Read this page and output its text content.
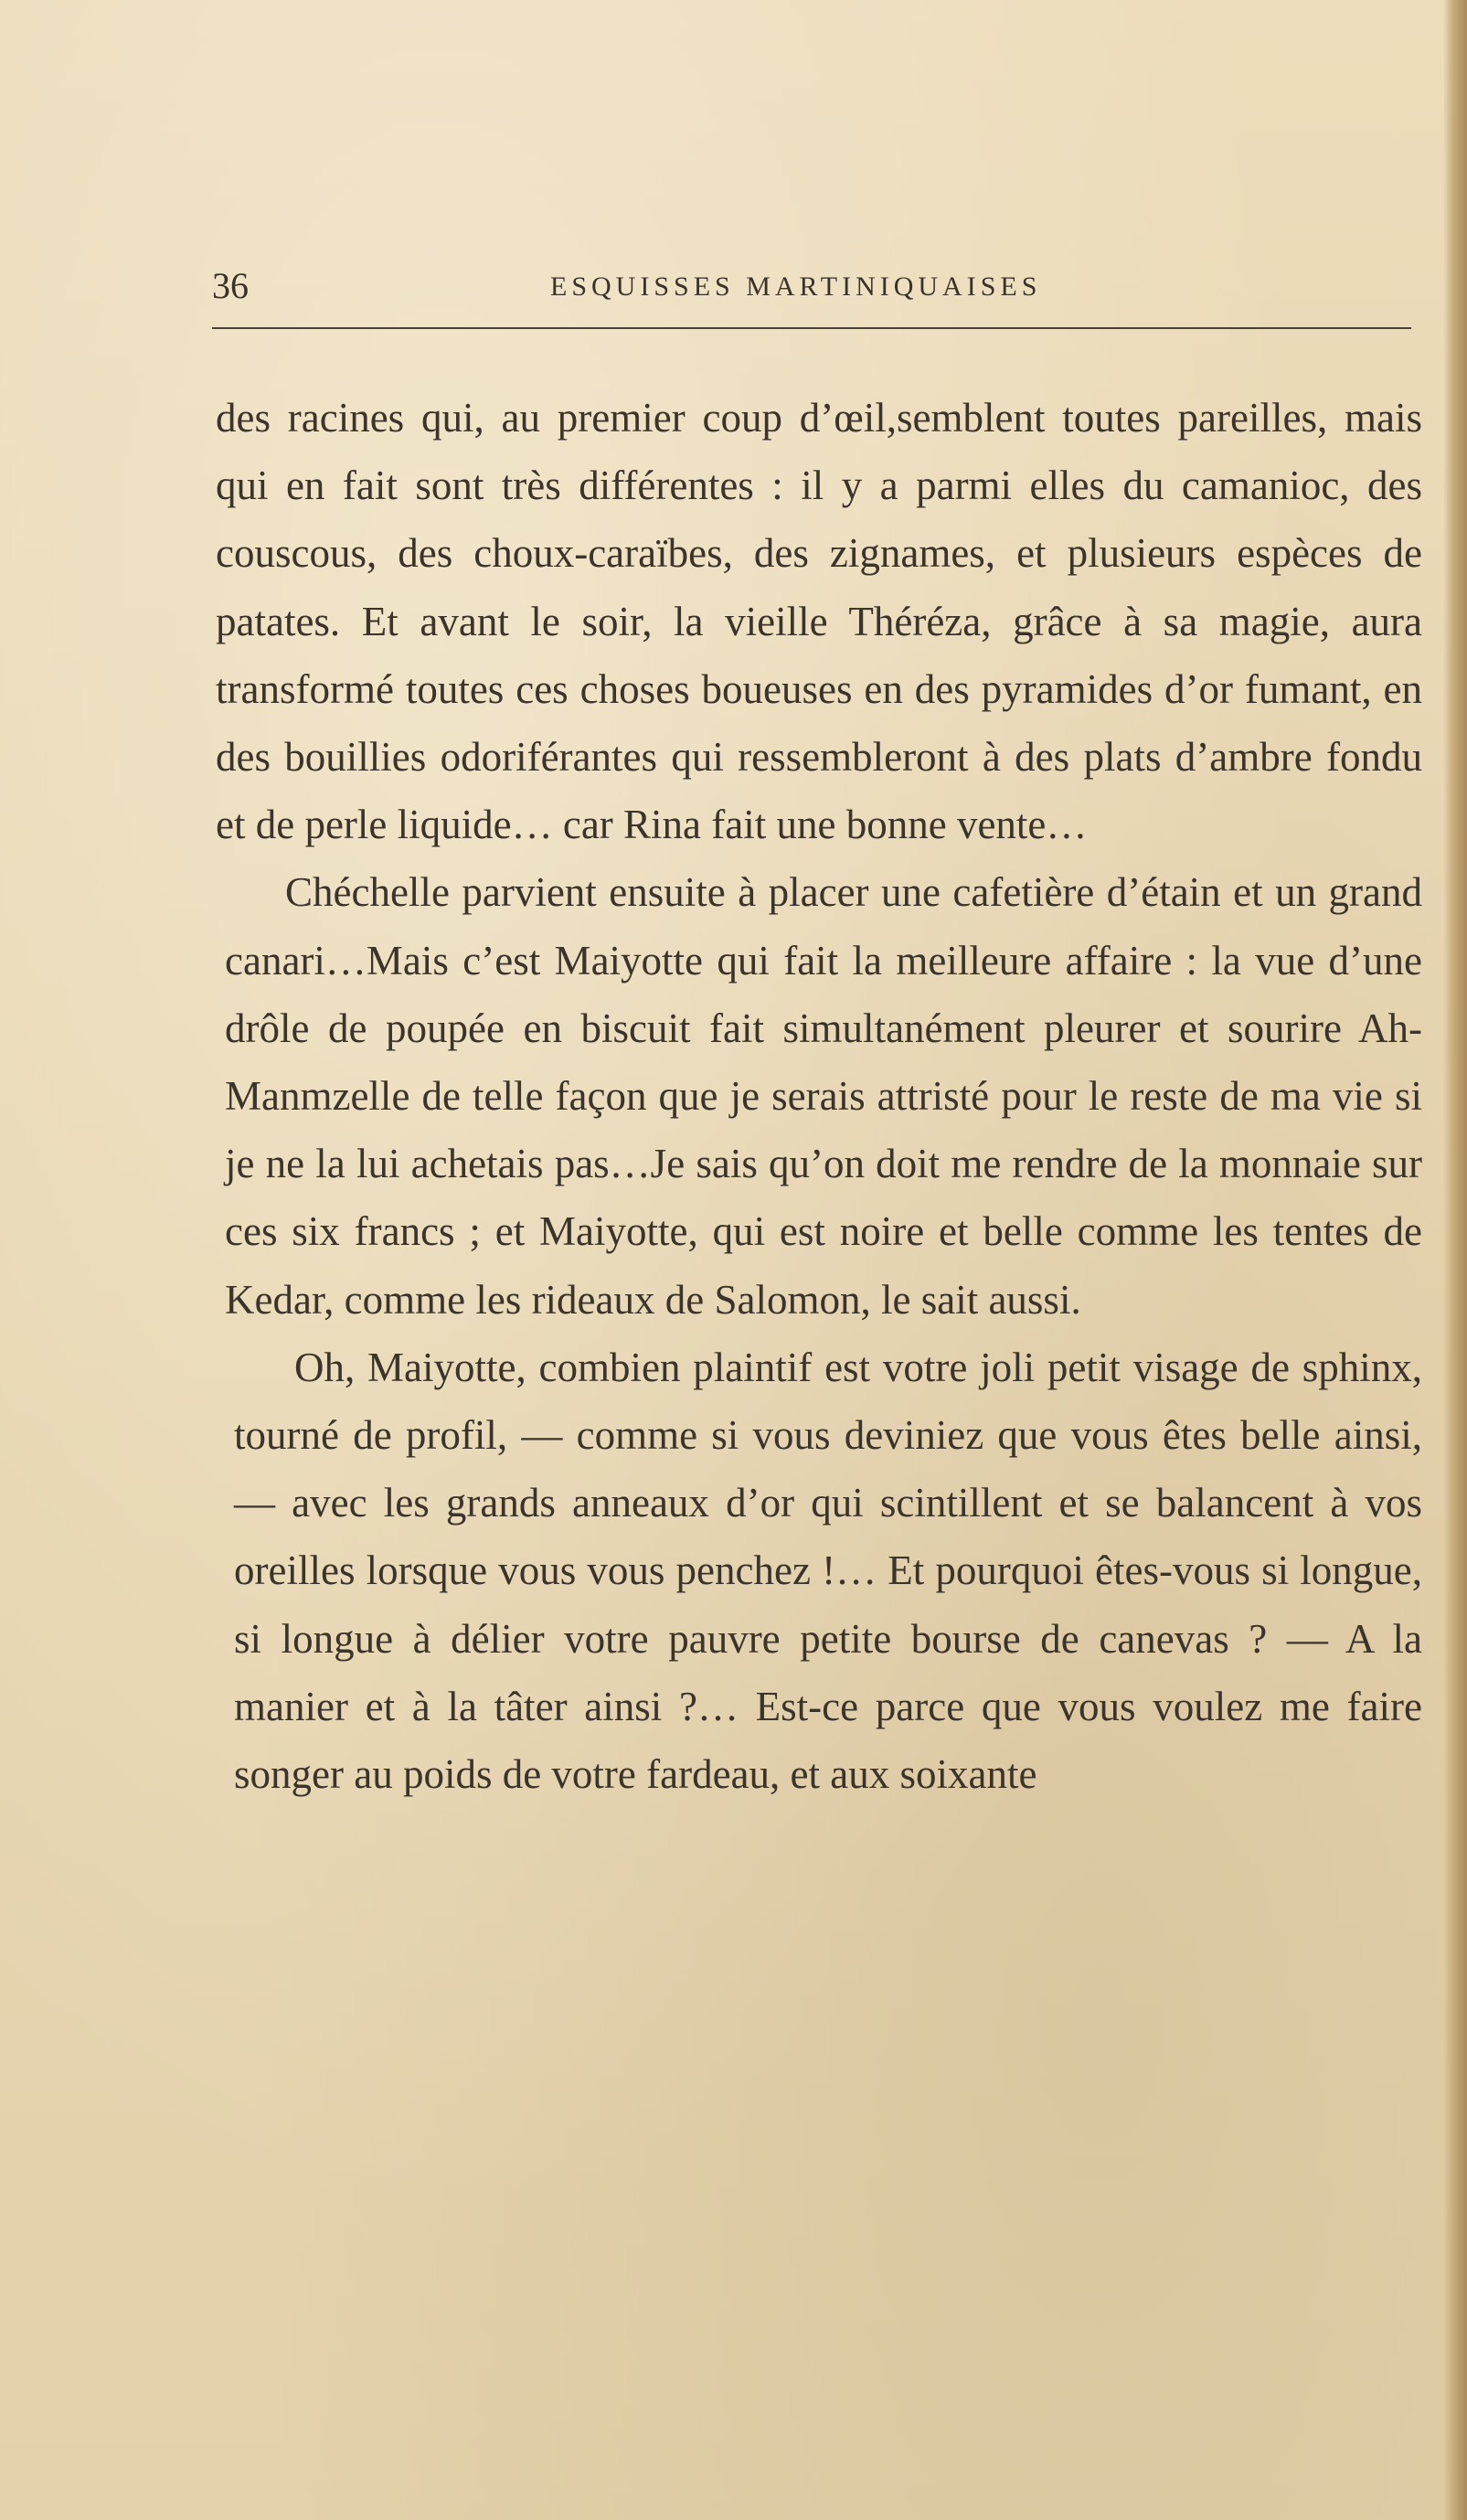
36	ESQUISSES MARTINIQUAISES

des racines qui, au premier coup d’œil,semblent toutes pareilles, mais qui en fait sont très différentes : il y a parmi elles du camanioc, des couscous, des choux-caraïbes, des zignames, et plusieurs espèces de patates. Et avant le soir, la vieille Théréza, grâce à sa magie, aura transformé toutes ces choses boueuses en des pyramides d’or fumant, en des bouillies odoriférantes qui ressembleront à des plats d’ambre fondu et de perle liquide… car Rina fait une bonne vente…

Chéchelle parvient ensuite à placer une cafetière d’étain et un grand canari…Mais c’est Maiyotte qui fait la meilleure affaire : la vue d’une drôle de poupée en biscuit fait simultanément pleurer et sourire Ah-Manmzelle de telle façon que je serais attristé pour le reste de ma vie si je ne la lui achetais pas…Je sais qu’on doit me rendre de la monnaie sur ces six francs ; et Maiyotte, qui est noire et belle comme les tentes de Kedar, comme les rideaux de Salomon, le sait aussi.

Oh, Maiyotte, combien plaintif est votre joli petit visage de sphinx, tourné de profil, — comme si vous deviniez que vous êtes belle ainsi, — avec les grands anneaux d’or qui scintillent et se balancent à vos oreilles lorsque vous vous penchez !… Et pourquoi êtes-vous si longue, si longue à délier votre pauvre petite bourse de canevas ? — A la manier et à la tâter ainsi ?… Est-ce parce que vous voulez me faire songer au poids de votre fardeau, et aux soixante
